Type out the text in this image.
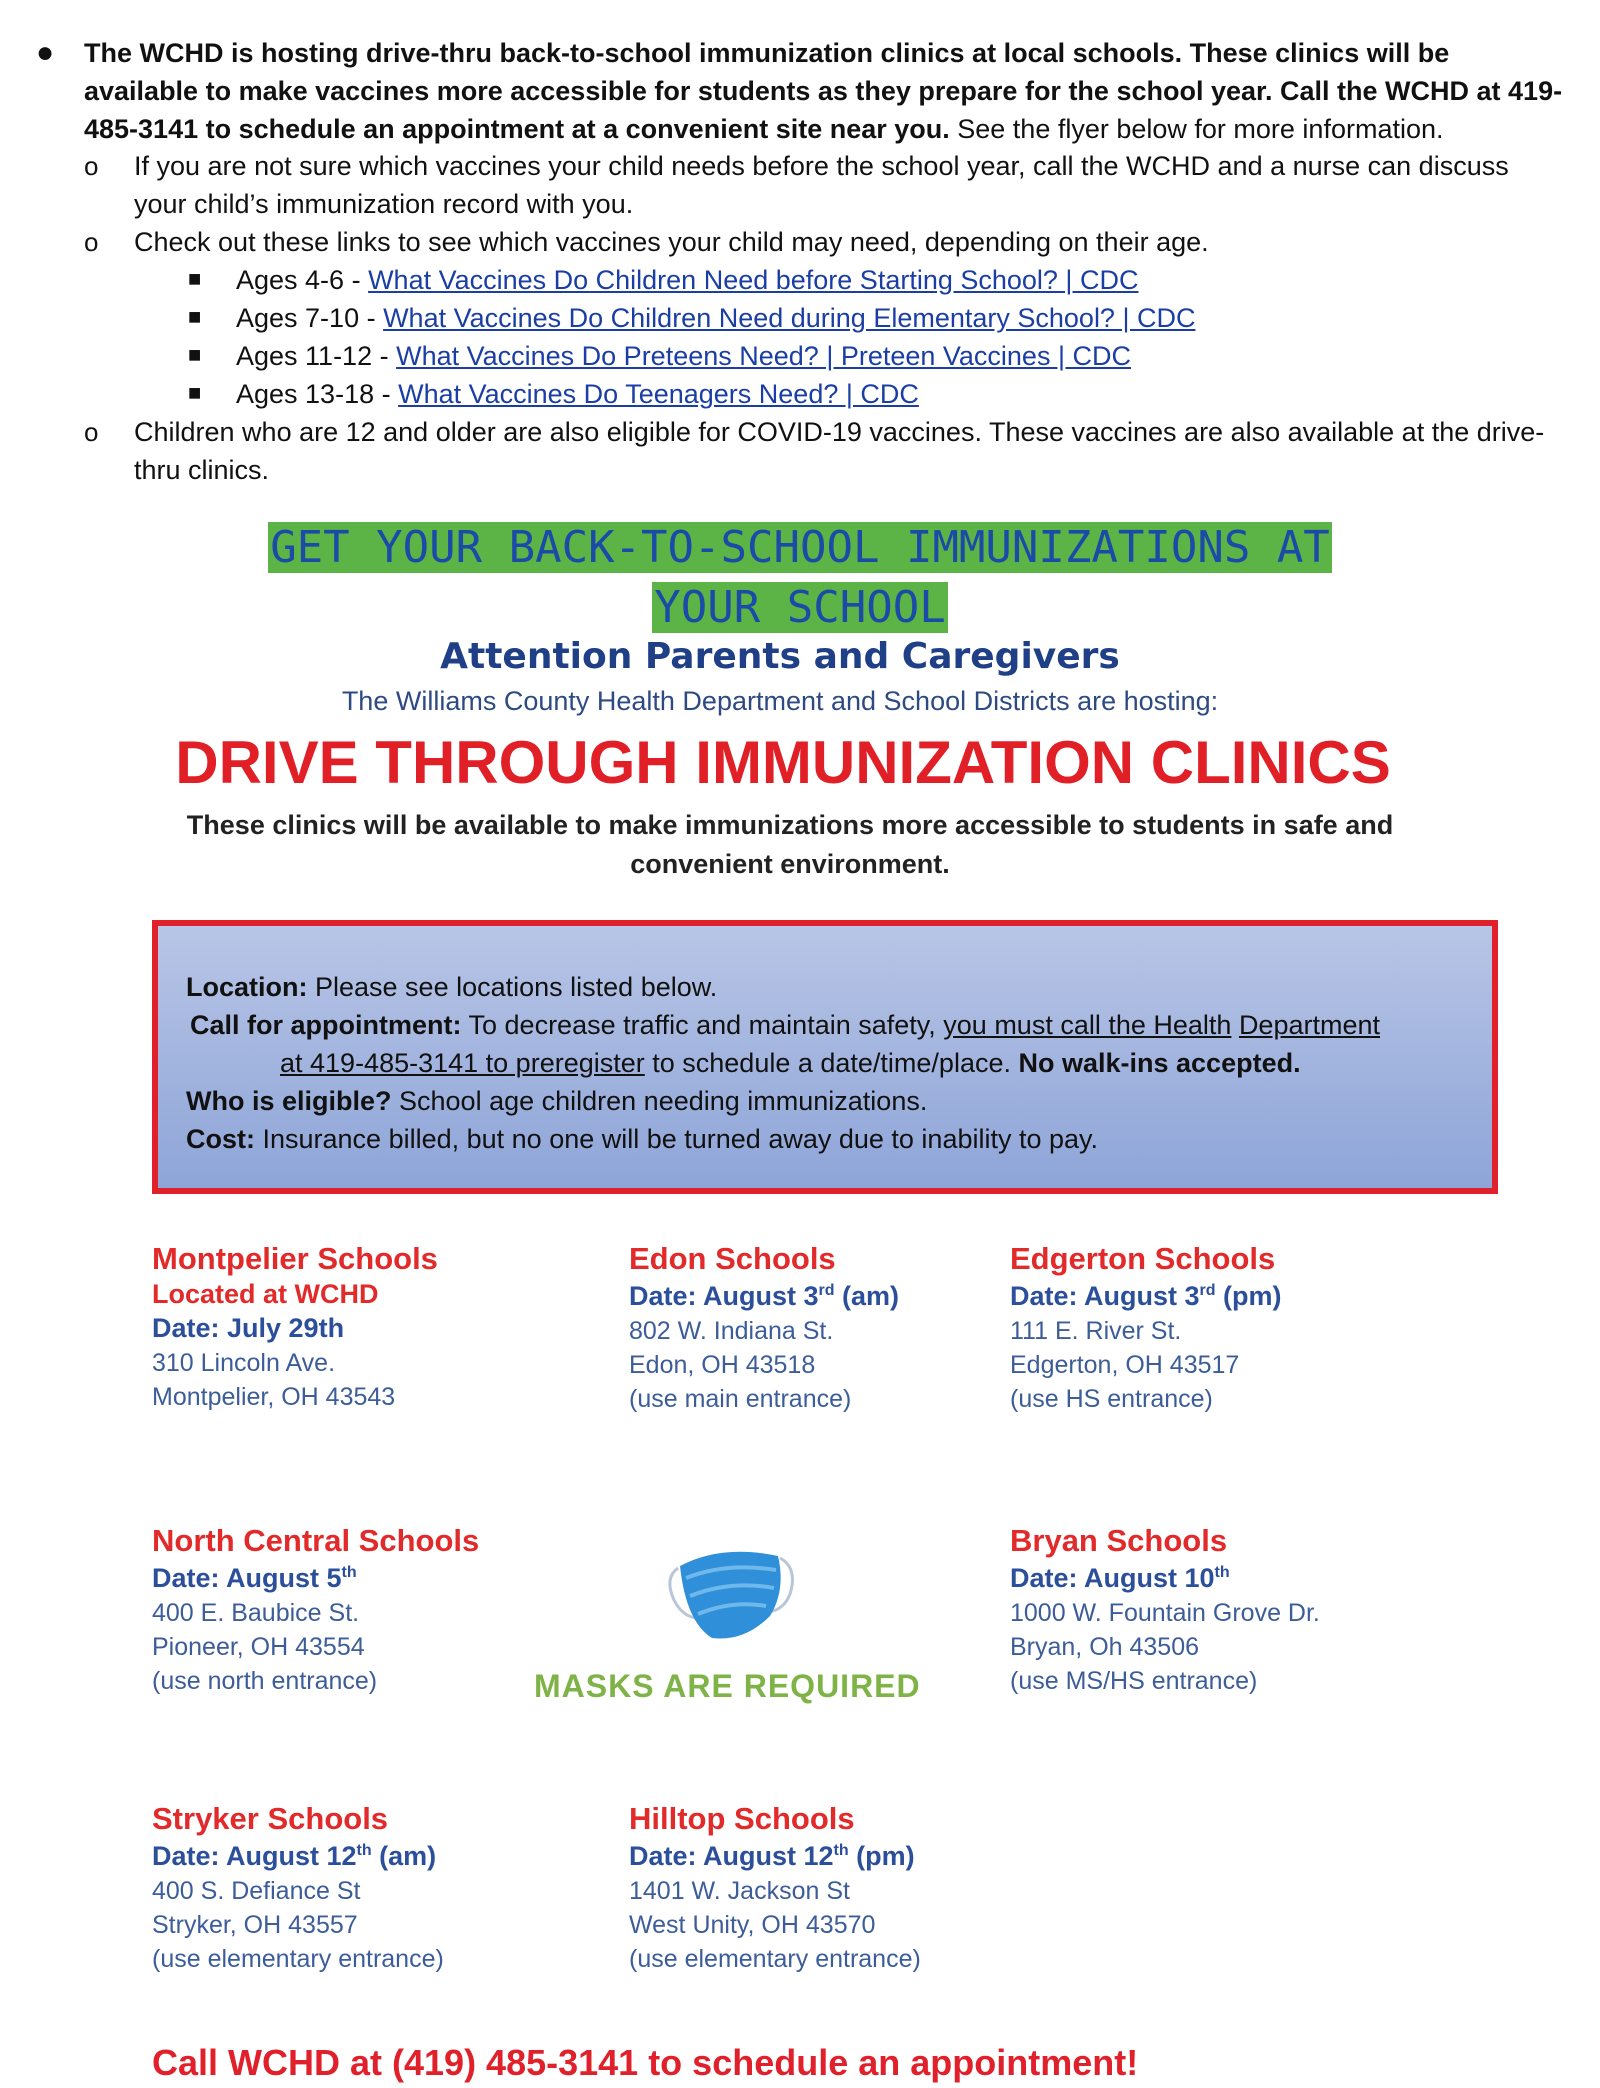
● The WCHD is hosting drive-thru back-to-school immunization clinics at local schools. These clinics will be available to make vaccines more accessible for students as they prepare for the school year. Call the WCHD at 419-485-3141 to schedule an appointment at a convenient site near you. See the flyer below for more information.
o If you are not sure which vaccines your child needs before the school year, call the WCHD and a nurse can discuss your child’s immunization record with you.
o Check out these links to see which vaccines your child may need, depending on their age.
■ Ages 4-6 - What Vaccines Do Children Need before Starting School? | CDC
■ Ages 7-10 - What Vaccines Do Children Need during Elementary School? | CDC
■ Ages 11-12 - What Vaccines Do Preteens Need? | Preteen Vaccines | CDC
■ Ages 13-18 - What Vaccines Do Teenagers Need? | CDC
o Children who are 12 and older are also eligible for COVID-19 vaccines. These vaccines are also available at the drive-thru clinics.
GET YOUR BACK-TO-SCHOOL IMMUNIZATIONS AT
YOUR SCHOOL
Attention Parents and Caregivers
The Williams County Health Department and School Districts are hosting:
DRIVE THROUGH IMMUNIZATION CLINICS
These clinics will be available to make immunizations more accessible to students in safe and convenient environment.
Location: Please see locations listed below.
Call for appointment: To decrease traffic and maintain safety, you must call the Health Department
at 419-485-3141 to preregister to schedule a date/time/place. No walk-ins accepted.
Who is eligible? School age children needing immunizations.
Cost: Insurance billed, but no one will be turned away due to inability to pay.
Montpelier Schools
Located at WCHD
Date: July 29th
310 Lincoln Ave.
Montpelier, OH 43543
Edon Schools
Date: August 3rd (am)
802 W. Indiana St.
Edon, OH 43518
(use main entrance)
Edgerton Schools
Date: August 3rd (pm)
111 E. River St.
Edgerton, OH 43517
(use HS entrance)
North Central Schools
Date: August 5th
400 E. Baubice St.
Pioneer, OH 43554
(use north entrance)	MASKS ARE REQUIRED
Bryan Schools
Date: August 10th
1000 W. Fountain Grove Dr.
Bryan, Oh 43506
(use MS/HS entrance)
Stryker Schools
Date: August 12th (am)
400 S. Defiance St
Stryker, OH 43557
(use elementary entrance)
Hilltop Schools
Date: August 12th (pm)
1401 W. Jackson St
West Unity, OH 43570
(use elementary entrance)
Call WCHD at (419) 485-3141 to schedule an appointment!
